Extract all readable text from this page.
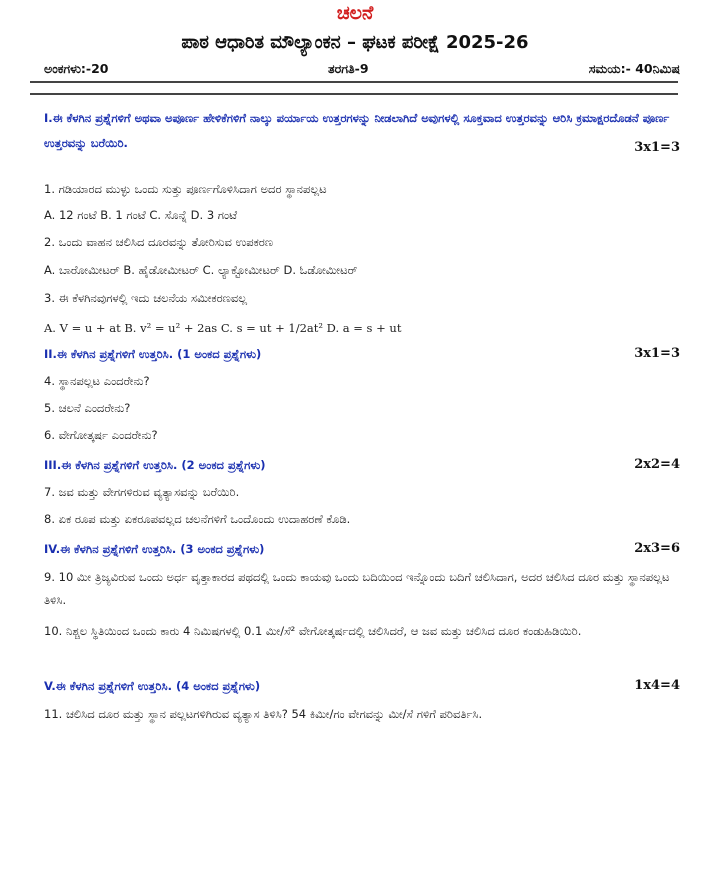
ಚಲನೆ
ಪಾಠ ಆಧಾರಿತ ಮೌಲ್ಯಾಂಕನ – ಘಟಕ ಪರೀಕ್ಷೆ 2025-26
ಅಂಕಗಳು:-20	ತರಗತಿ-9	ಸಮಯ:- 40ನಿಮಿಷ
I.ಈ ಕೆಳಗಿನ ಪ್ರಶ್ನೆಗಳಿಗೆ ಅಥವಾ ಅಪೂರ್ಣ ಹೇಳಿಕೆಗಳಿಗೆ ನಾಲ್ಕು ಪರ್ಯಾಯ ಉತ್ತರಗಳನ್ನು ನೀಡಲಾಗಿದೆ ಅವುಗಳಲ್ಲಿ ಸೂಕ್ತವಾದ ಉತ್ತರವನ್ನು ಆರಿಸಿ ಕ್ರಮಾಕ್ಷರದೊಡನೆ ಪೂರ್ಣ ಉತ್ತರವನ್ನು ಬರೆಯಿರಿ.	3x1=3
1. ಗಡಿಯಾರದ ಮುಳ್ಳು ಒಂದು ಸುತ್ತು ಪೂರ್ಣಗೊಳಿಸಿದಾಗ ಅದರ ಸ್ಥಾನಪಲ್ಲಟ
A. 12 ಗಂಟೆ B. 1 ಗಂಟೆ C. ಸೊನ್ನೆ D. 3 ಗಂಟೆ
2. ಒಂದು ವಾಹನ ಚಲಿಸಿದ ದೂರವನ್ನು ತೋರಿಸುವ ಉಪಕರಣ
A. ಬಾರೋಮೀಟರ್ B. ಹೈಡೋಮೀಟರ್ C. ಲ್ಯಾಕ್ಟೋಮೀಟರ್ D. ಓಡೋಮೀಟರ್
3. ಈ ಕೆಳಗಿನವುಗಳಲ್ಲಿ ಇದು ಚಲನೆಯ ಸಮೀಕರಣವಲ್ಲ
A. V = u + at B. v² = u² + 2as C. s = ut + 1/2at² D. a = s + ut
II.ಈ ಕೆಳಗಿನ ಪ್ರಶ್ನೆಗಳಿಗೆ ಉತ್ತರಿಸಿ. (1 ಅಂಕದ ಪ್ರಶ್ನೆಗಳು)	3x1=3
4. ಸ್ಥಾನಪಲ್ಲಟ ಎಂದರೇನು?
5. ಚಲನೆ ಎಂದರೇನು?
6. ವೇಗೋತ್ಕರ್ಷ ಎಂದರೇನು?
III.ಈ ಕೆಳಗಿನ ಪ್ರಶ್ನೆಗಳಿಗೆ ಉತ್ತರಿಸಿ. (2 ಅಂಕದ ಪ್ರಶ್ನೆಗಳು)	2x2=4
7. ಜವ ಮತ್ತು ವೇಗಗಳಿರುವ ವ್ಯತ್ಯಾಸವನ್ನು ಬರೆಯಿರಿ.
8. ಏಕ ರೂಪ ಮತ್ತು ಏಕರೂಪವಲ್ಲದ ಚಲನೆಗಳಿಗೆ ಒಂದೊಂದು ಉದಾಹರಣೆ ಕೊಡಿ.
IV.ಈ ಕೆಳಗಿನ ಪ್ರಶ್ನೆಗಳಿಗೆ ಉತ್ತರಿಸಿ. (3 ಅಂಕದ ಪ್ರಶ್ನೆಗಳು)	2x3=6
9. 10 ಮೀ ತ್ರಿಜ್ಯವಿರುವ ಒಂದು ಅರ್ಧ ವೃತ್ತಾಕಾರದ ಪಥದಲ್ಲಿ ಒಂದು ಕಾಯವು ಒಂದು ಬದಿಯಿಂದ ಇನ್ನೊಂದು ಬದಿಗೆ ಚಲಿಸಿದಾಗ, ಅದರ ಚಲಿಸಿದ ದೂರ ಮತ್ತು ಸ್ಥಾನಪಲ್ಲಟ ತಿಳಿಸಿ.
10. ನಿಶ್ಚಲ ಸ್ಥಿತಿಯಿಂದ ಒಂದು ಕಾರು 4 ನಿಮಿಷಗಳಲ್ಲಿ 0.1 ಮೀ/ಸೆ² ವೇಗೋತ್ಕರ್ಷದಲ್ಲಿ ಚಲಿಸಿದರೆ, ಆ ಜವ ಮತ್ತು ಚಲಿಸಿದ ದೂರ ಕಂಡುಹಿಡಿಯಿರಿ.
V.ಈ ಕೆಳಗಿನ ಪ್ರಶ್ನೆಗಳಿಗೆ ಉತ್ತರಿಸಿ. (4 ಅಂಕದ ಪ್ರಶ್ನೆಗಳು)	1x4=4
11. ಚಲಿಸಿದ ದೂರ ಮತ್ತು ಸ್ಥಾನ ಪಲ್ಲಟಗಳಿಗಿರುವ ವ್ಯತ್ಯಾಸ ತಿಳಿಸಿ? 54 ಕಿಮೀ/ಗಂ ವೇಗವನ್ನು ಮೀ/ಸೆ ಗಳಿಗೆ ಪರಿವರ್ತಿಸಿ.
